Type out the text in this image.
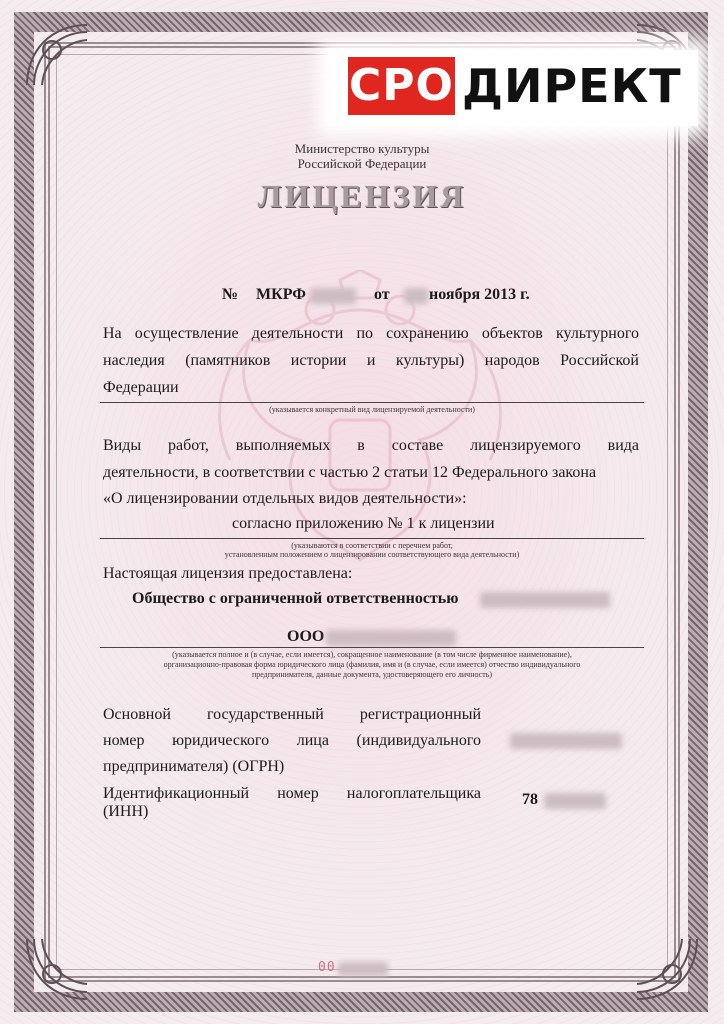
СРО ДИРЕКТ
Министерство культуры
Российской Федерации
ЛИЦЕНЗИЯ
№ МКРФ	от ноября 2013 г.
На осуществление деятельности по сохранению объектов культурного
наследия (памятников истории и культуры) народов Российской
Федерации
(указывается конкретный вид лицензируемой деятельности)
Виды работ, выполняемых в составе лицензируемого вида
деятельности, в соответствии с частью 2 статьи 12 Федерального закона
«О лицензировании отдельных видов деятельности»:
согласно приложению № 1 к лицензии
(указываются в соответствии с перечнем работ,
установленным положением о лицензировании соответствующего вида деятельности)
Настоящая лицензия предоставлена:
Общество с ограниченной ответственностью
ООО
(указывается полное и (в случае, если имеется), сокращенное наименование (в том числе фирменное наименование),
организационно-правовая форма юридического лица (фамилия, имя и (в случае, если имеется) отчество индивидуального
предпринимателя, данные документа, удостоверяющего его личность)
Основной государственный регистрационный
номер юридического лица (индивидуального
предпринимателя) (ОГРН)
Идентификационный номер налогоплательщика
(ИНН)
78
00
